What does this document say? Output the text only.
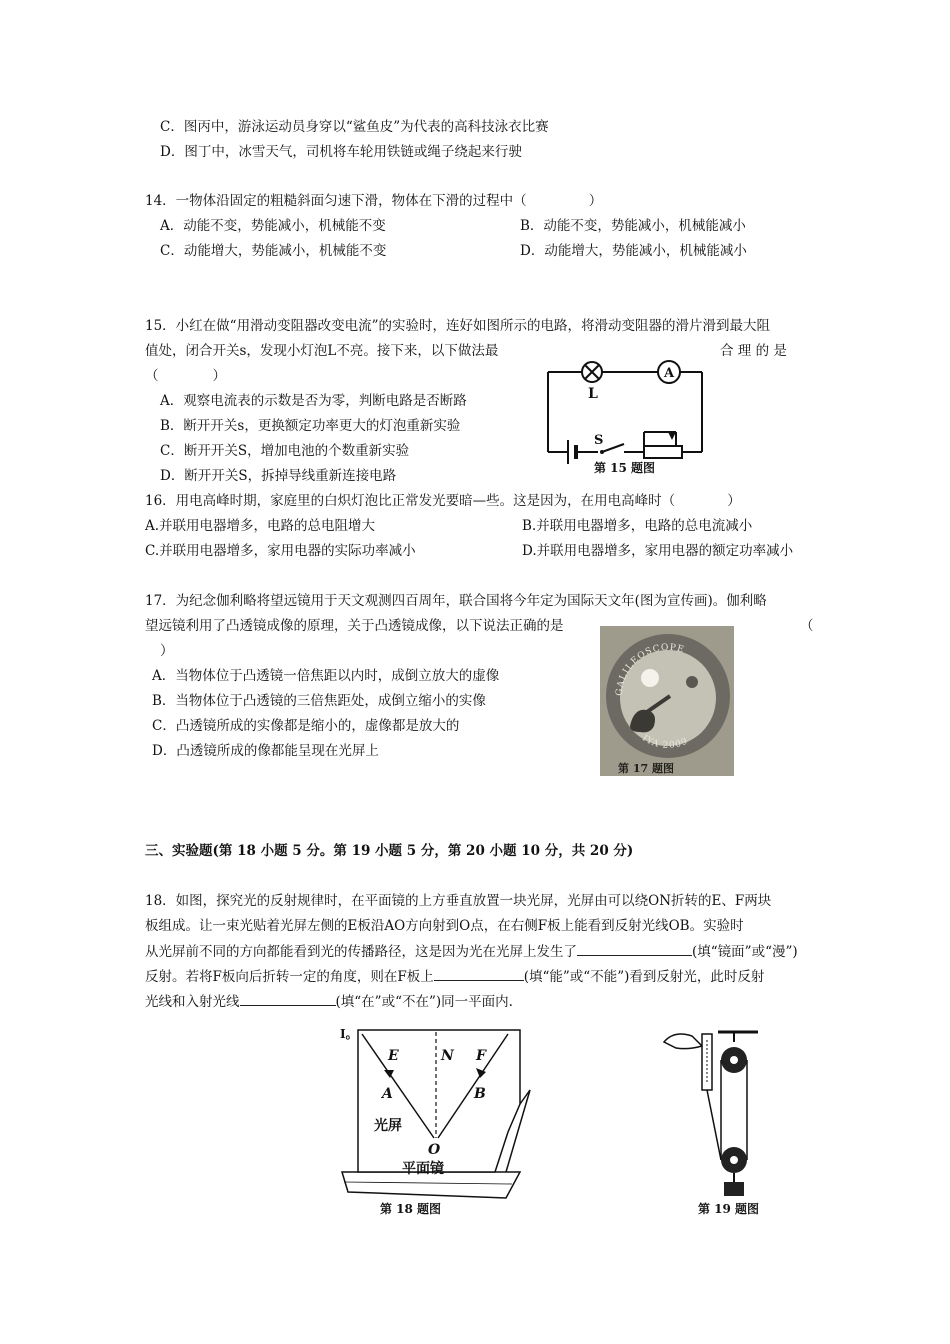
C．图丙中，游泳运动员身穿以“鲨鱼皮”为代表的高科技泳衣比赛
D．图丁中，冰雪天气，司机将车轮用铁链或绳子绕起来行驶
14．一物体沿固定的粗糙斜面匀速下滑，物体在下滑的过程中（	）
A．动能不变，势能减小，机械能不变	B．动能不变，势能减小，机械能减小
C．动能增大，势能减小，机械能不变	D．动能增大，势能减小，机械能减小
15．小红在做“用滑动变阻器改变电流”的实验时，连好如图所示的电路，将滑动变阻器的滑片滑到最大阻
值处，闭合开关s，发现小灯泡L不亮。接下来，以下做法最	合 理 的 是
（　　　　）
A．观察电流表的示数是否为零，判断电路是否断路
B．断开开关s，更换额定功率更大的灯泡重新实验
C．断开开关S，增加电池的个数重新实验
D．断开开关S，拆掉导线重新连接电路
L
A
S
第 15 题图
16．用电高峰时期，家庭里的白炽灯泡比正常发光要暗—些。这是因为，在用电高峰时（	）
A.并联用电器增多，电路的总电阻增大	B.并联用电器增多，电路的总电流减小
C.并联用电器增多，家用电器的实际功率减小	D.并联用电器增多，家用电器的额定功率减小
17．为纪念伽利略将望远镜用于天文观测四百周年，联合国将今年定为国际天文年(图为宣传画)。伽利略
望远镜利用了凸透镜成像的原理，关于凸透镜成像，以下说法正确的是	（
）
A．当物体位于凸透镜一倍焦距以内时，成倒立放大的虚像
B．当物体位于凸透镜的三倍焦距处，成倒立缩小的实像
C．凸透镜所成的实像都是缩小的，虚像都是放大的
D．凸透镜所成的像都能呈现在光屏上
GALILEOSCOPE
IYA 2009
第 17 题图
三、实验题(第 18 小题 5 分。第 19 小题 5 分，第 20 小题 10 分，共 20 分)
18．如图，探究光的反射规律时，在平面镜的上方垂直放置一块光屏，光屏由可以绕ON折转的E、F两块
板组成。让一束光贴着光屏左侧的E板沿AO方向射到O点，在右侧F板上能看到反射光线OB。实验时
从光屏前不同的方向都能看到光的传播路径，这是因为光在光屏上发生了	(填“镜面”或“漫”)
反射。若将F板向后折转一定的角度，则在F板上	(填“能”或“不能”)看到反射光，此时反射
光线和入射光线	(填“在”或“不在”)同一平面内.
I。
E	N F
A	B
O
光屏
平面镜
第 18 题图	第 19 题图
